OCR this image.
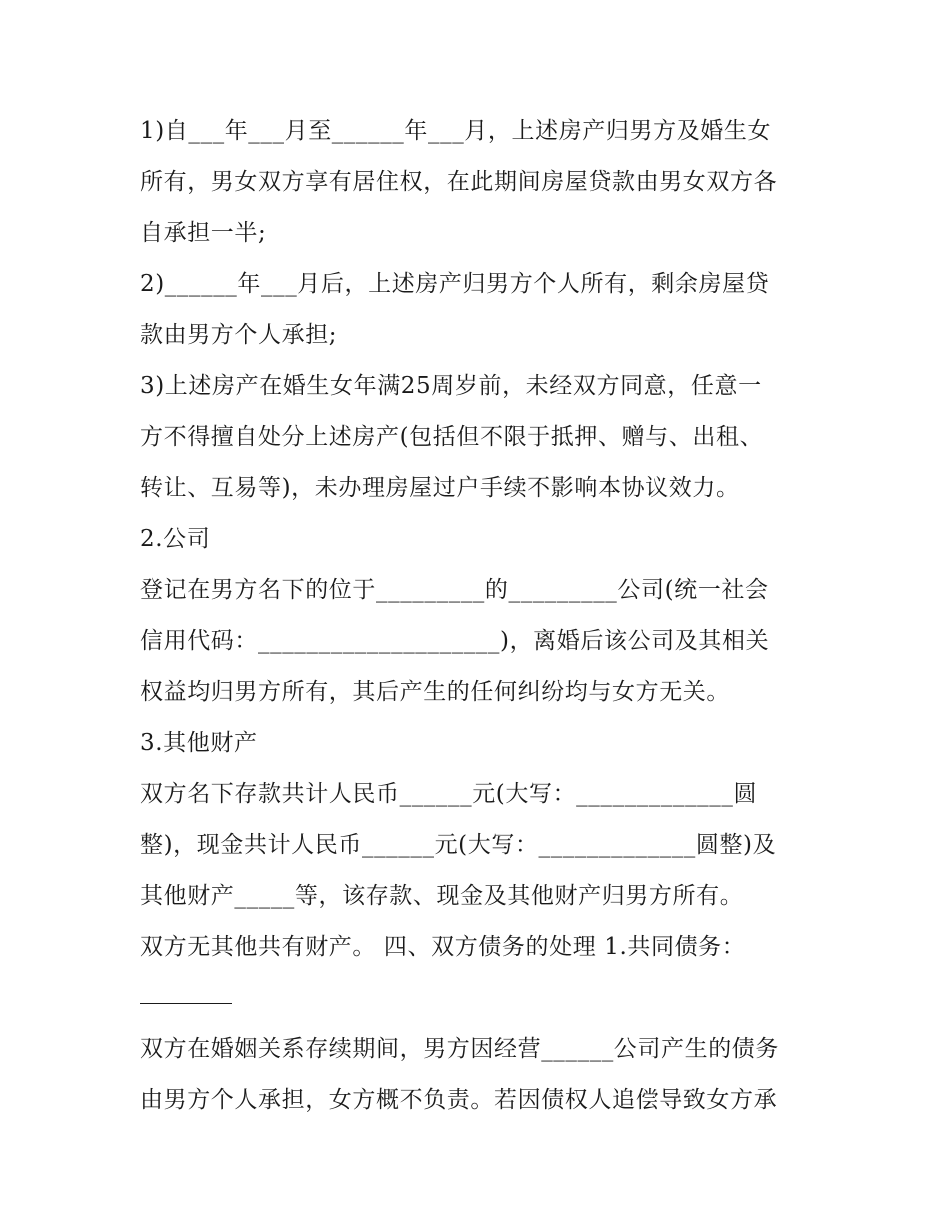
1)自___年___月至______年___月，上述房产归男方及婚生女
所有，男女双方享有居住权，在此期间房屋贷款由男女双方各
自承担一半;
2)______年___月后，上述房产归男方个人所有，剩余房屋贷
款由男方个人承担;
3)上述房产在婚生女年满25周岁前，未经双方同意，任意一
方不得擅自处分上述房产(包括但不限于抵押、赠与、出租、
转让、互易等)，未办理房屋过户手续不影响本协议效力。
2.公司
登记在男方名下的位于_________的_________公司(统一社会
信用代码：____________________)，离婚后该公司及其相关
权益均归男方所有，其后产生的任何纠纷均与女方无关。
3.其他财产
双方名下存款共计人民币______元(大写：_____________圆
整)，现金共计人民币______元(大写：_____________圆整)及
其他财产_____等，该存款、现金及其他财产归男方所有。
双方无其他共有财产。 四、双方债务的处理 1.共同债务：
双方在婚姻关系存续期间，男方因经营______公司产生的债务
由男方个人承担，女方概不负责。若因债权人追偿导致女方承
